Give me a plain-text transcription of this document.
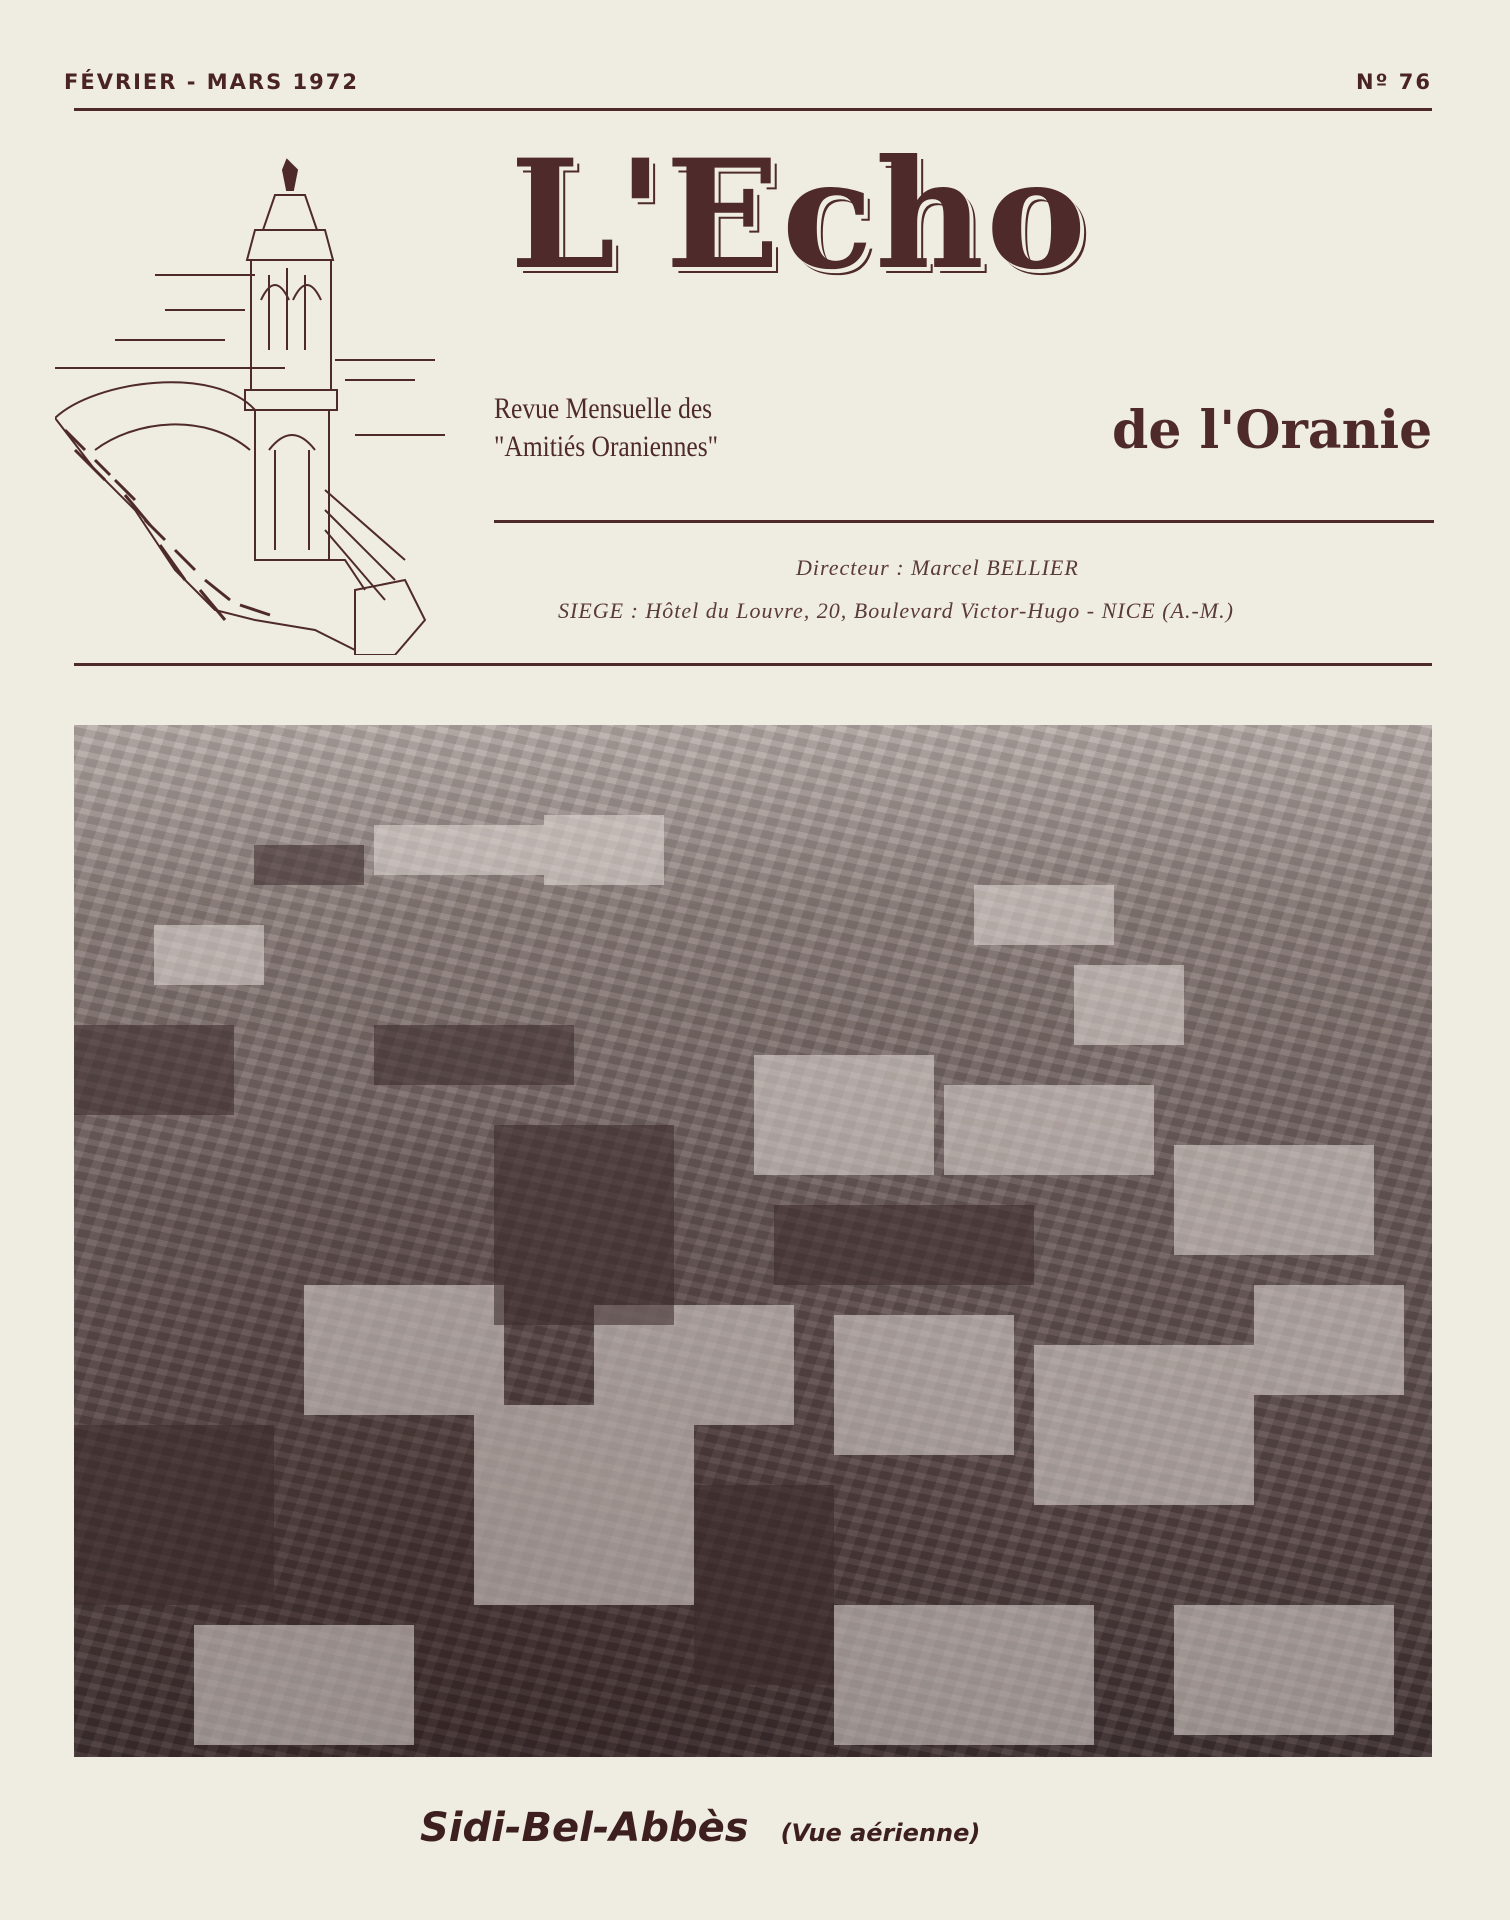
FÉVRIER - MARS 1972	Nº 76
L'Echo
Revue Mensuelle des
"Amitiés Oraniennes"	de l'Oranie
Directeur : Marcel BELLIER
SIEGE : Hôtel du Louvre, 20, Boulevard Victor-Hugo - NICE (A.-M.)
Sidi-Bel-Abbès (Vue aérienne)
